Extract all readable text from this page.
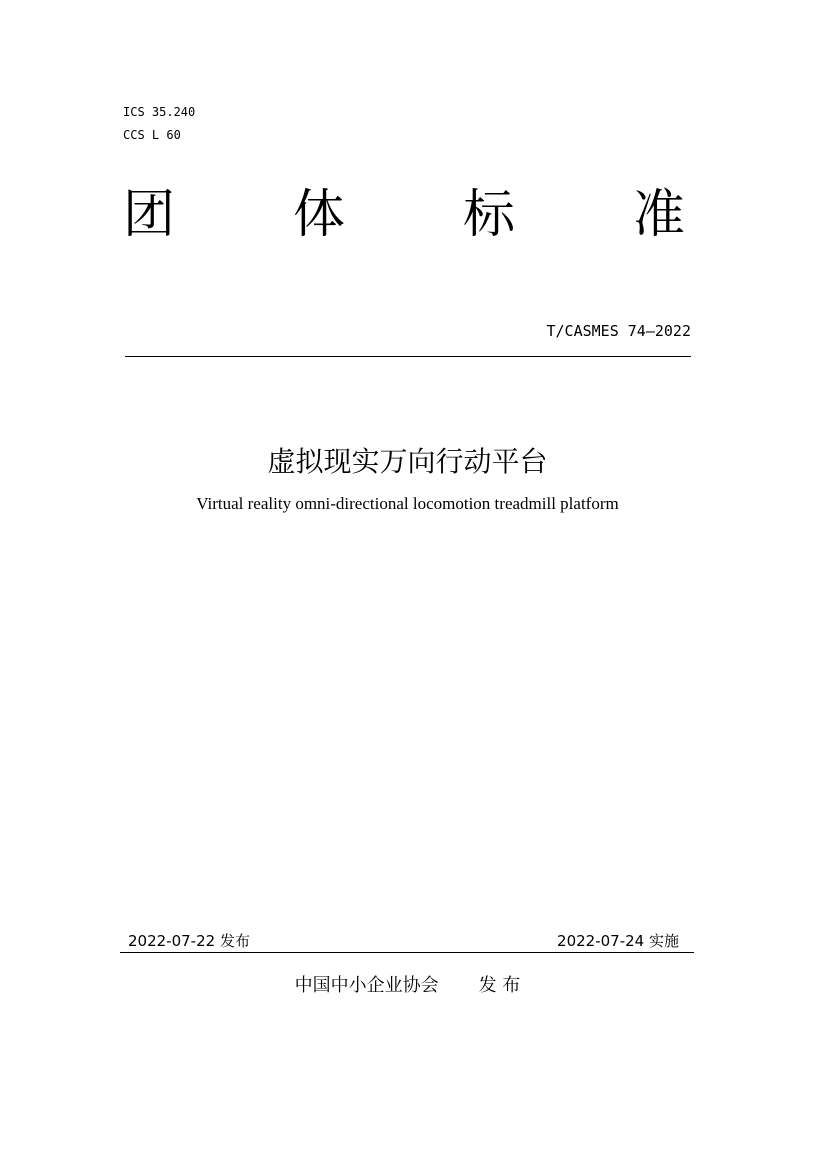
ICS 35.240
CCS L 60
团 体 标 准
T/CASMES 74—2022
虚拟现实万向行动平台
Virtual reality omni-directional locomotion treadmill platform
2022-07-22 发布	2022-07-24 实施
中国中小企业协会 发 布
